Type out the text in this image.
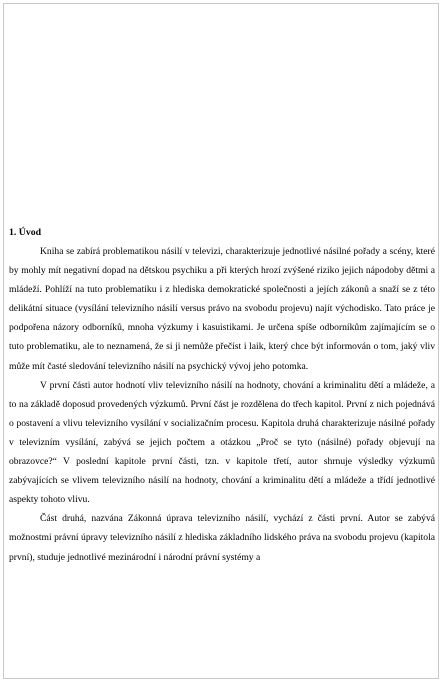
1. Úvod

Kniha se zabírá problematikou násilí v televizi, charakterizuje jednotlivé násilné pořady a scény, které by mohly mít negativní dopad na dětskou psychiku a při kterých hrozí zvýšené riziko jejich nápodoby dětmi a mládeží. Pohlíží na tuto problematiku i z hlediska demokratické společnosti a jejích zákonů a snaží se z této delikátní situace (vysílání televizního násilí versus právo na svobodu projevu) najít východisko. Tato práce je podpořena názory odborníků, mnoha výzkumy i kasuistikami. Je určena spíše odborníkům zajímajícím se o tuto problematiku, ale to neznamená, že si ji nemůže přečíst i laik, který chce být informován o tom, jaký vliv může mít časté sledování televizního násilí na psychický vývoj jeho potomka.

V první části autor hodnotí vliv televizního násilí na hodnoty, chování a kriminalitu dětí a mládeže, a to na základě doposud provedených výzkumů. První část je rozdělena do třech kapitol. První z nich pojednává o postavení a vlivu televizního vysílání v socializačním procesu. Kapitola druhá charakterizuje násilné pořady v televizním vysílání, zabývá se jejich počtem a otázkou „Proč se tyto (násilné) pořady objevují na obrazovce?“ V poslední kapitole první části, tzn. v kapitole třetí, autor shrnuje výsledky výzkumů zabývajících se vlivem televizního násilí na hodnoty, chování a kriminalitu dětí a mládeže a třídí jednotlivé aspekty tohoto vlivu.

Část druhá, nazvána Zákonná úprava televizního násilí, vychází z části první. Autor se zabývá možnostmi právní úpravy televizního násilí z hlediska základního lidského práva na svobodu projevu (kapitola první), studuje jednotlivé mezinárodní i národní právní systémy a
